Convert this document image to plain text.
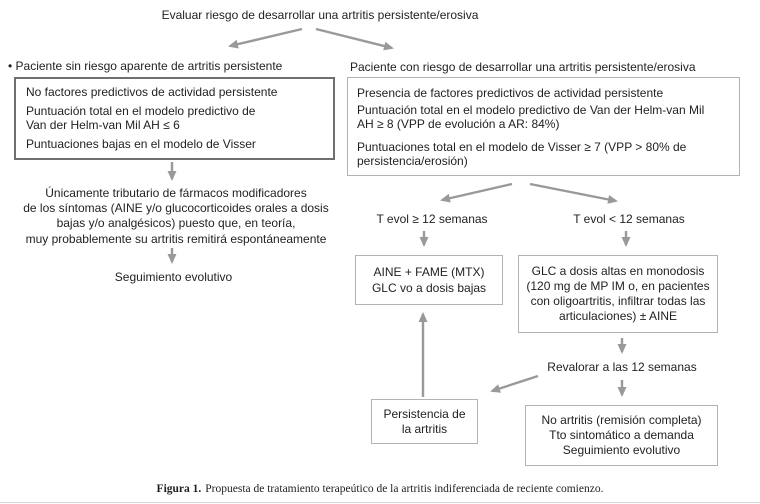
Evaluar riesgo de desarrollar una artritis persistente/erosiva
• Paciente sin riesgo aparente de artritis persistente
No factores predictivos de actividad persistente
Puntuación total en el modelo predictivo de
Van der Helm-van Mil AH ≤ 6
Puntuaciones bajas en el modelo de Visser
Únicamente tributario de fármacos modificadores
de los síntomas (AINE y/o glucocorticoides orales a dosis
bajas y/o analgésicos) puesto que, en teoría,
muy probablemente su artritis remitirá espontáneamente
Seguimiento evolutivo
Paciente con riesgo de desarrollar una artritis persistente/erosiva
Presencia de factores predictivos de actividad persistente
Puntuación total en el modelo predictivo de Van der Helm-van Mil
AH ≥ 8 (VPP de evolución a AR: 84%)
Puntuaciones total en el modelo de Visser ≥ 7 (VPP > 80% de
persistencia/erosión)
T evol ≥ 12 semanas	T evol < 12 semanas
AINE + FAME (MTX)
GLC vo a dosis bajas
GLC a dosis altas en monodosis
(120 mg de MP IM o, en pacientes
con oligoartritis, infiltrar todas las
articulaciones) ± AINE
Revalorar a las 12 semanas
Persistencia de
la artritis
No artritis (remisión completa)
Tto sintomático a demanda
Seguimiento evolutivo
Figura 1. Propuesta de tratamiento terapeútico de la artritis indiferenciada de reciente comienzo.
